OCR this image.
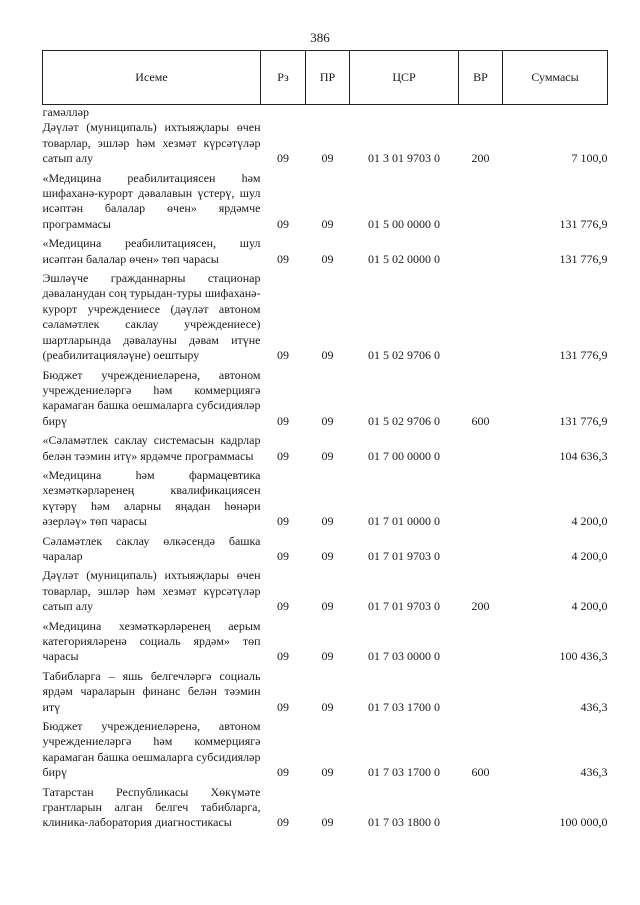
386
Исеме	Рз	ПР	ЦСР	ВР	Суммасы
гамәлләр					
Дәүләт (муниципаль) ихтыяҗлары өчен товарлар, эшләр һәм хезмәт күрсәтүләр сатып алу	09	09	01 3 01 9703 0	200	7 100,0
«Медицина реабилитациясен һәм шифаханә-курорт дәвалавын үстерү, шул исәптән балалар өчен» ярдәмче программасы	09	09	01 5 00 0000 0		131 776,9
«Медицина реабилитациясен, шул исәптән балалар өчен» төп чарасы	09	09	01 5 02 0000 0		131 776,9
Эшләүче гражданнарны стационар дәваланудан соң турыдан-туры шифаханә-курорт учреждениесе (дәүләт автоном сәламәтлек саклау учреждениесе) шартларында дәвалауны дәвам итүне (реабилитацияләүне) оештыру	09	09	01 5 02 9706 0		131 776,9
Бюджет учреждениеләренә, автоном учреждениеләргә һәм коммерциягә карамаган башка оешмаларга субсидияләр бирү	09	09	01 5 02 9706 0	600	131 776,9
«Сәламәтлек саклау системасын кадрлар белән тәэмин итү» ярдәмче программасы	09	09	01 7 00 0000 0		104 636,3
«Медицина һәм фармацевтика хезмәткәрләренең квалификациясен күтәрү һәм аларны яңадан һөнәри әзерләү» төп чарасы	09	09	01 7 01 0000 0		4 200,0
Сәламәтлек саклау өлкәсендә башка чаралар	09	09	01 7 01 9703 0		4 200,0
Дәүләт (муниципаль) ихтыяҗлары өчен товарлар, эшләр һәм хезмәт күрсәтүләр сатып алу	09	09	01 7 01 9703 0	200	4 200,0
«Медицина хезмәткәрләренең аерым категорияләренә социаль ярдәм» төп чарасы	09	09	01 7 03 0000 0		100 436,3
Табибларга – яшь белгечләргә социаль ярдәм чараларын финанс белән тәэмин итү	09	09	01 7 03 1700 0		436,3
Бюджет учреждениеләренә, автоном учреждениеләргә һәм коммерциягә карамаган башка оешмаларга субсидияләр бирү	09	09	01 7 03 1700 0	600	436,3
Татарстан Республикасы Хөкүмәте грантларын алган белгеч табибларга, клиника-лаборатория диагностикасы	09	09	01 7 03 1800 0		100 000,0
